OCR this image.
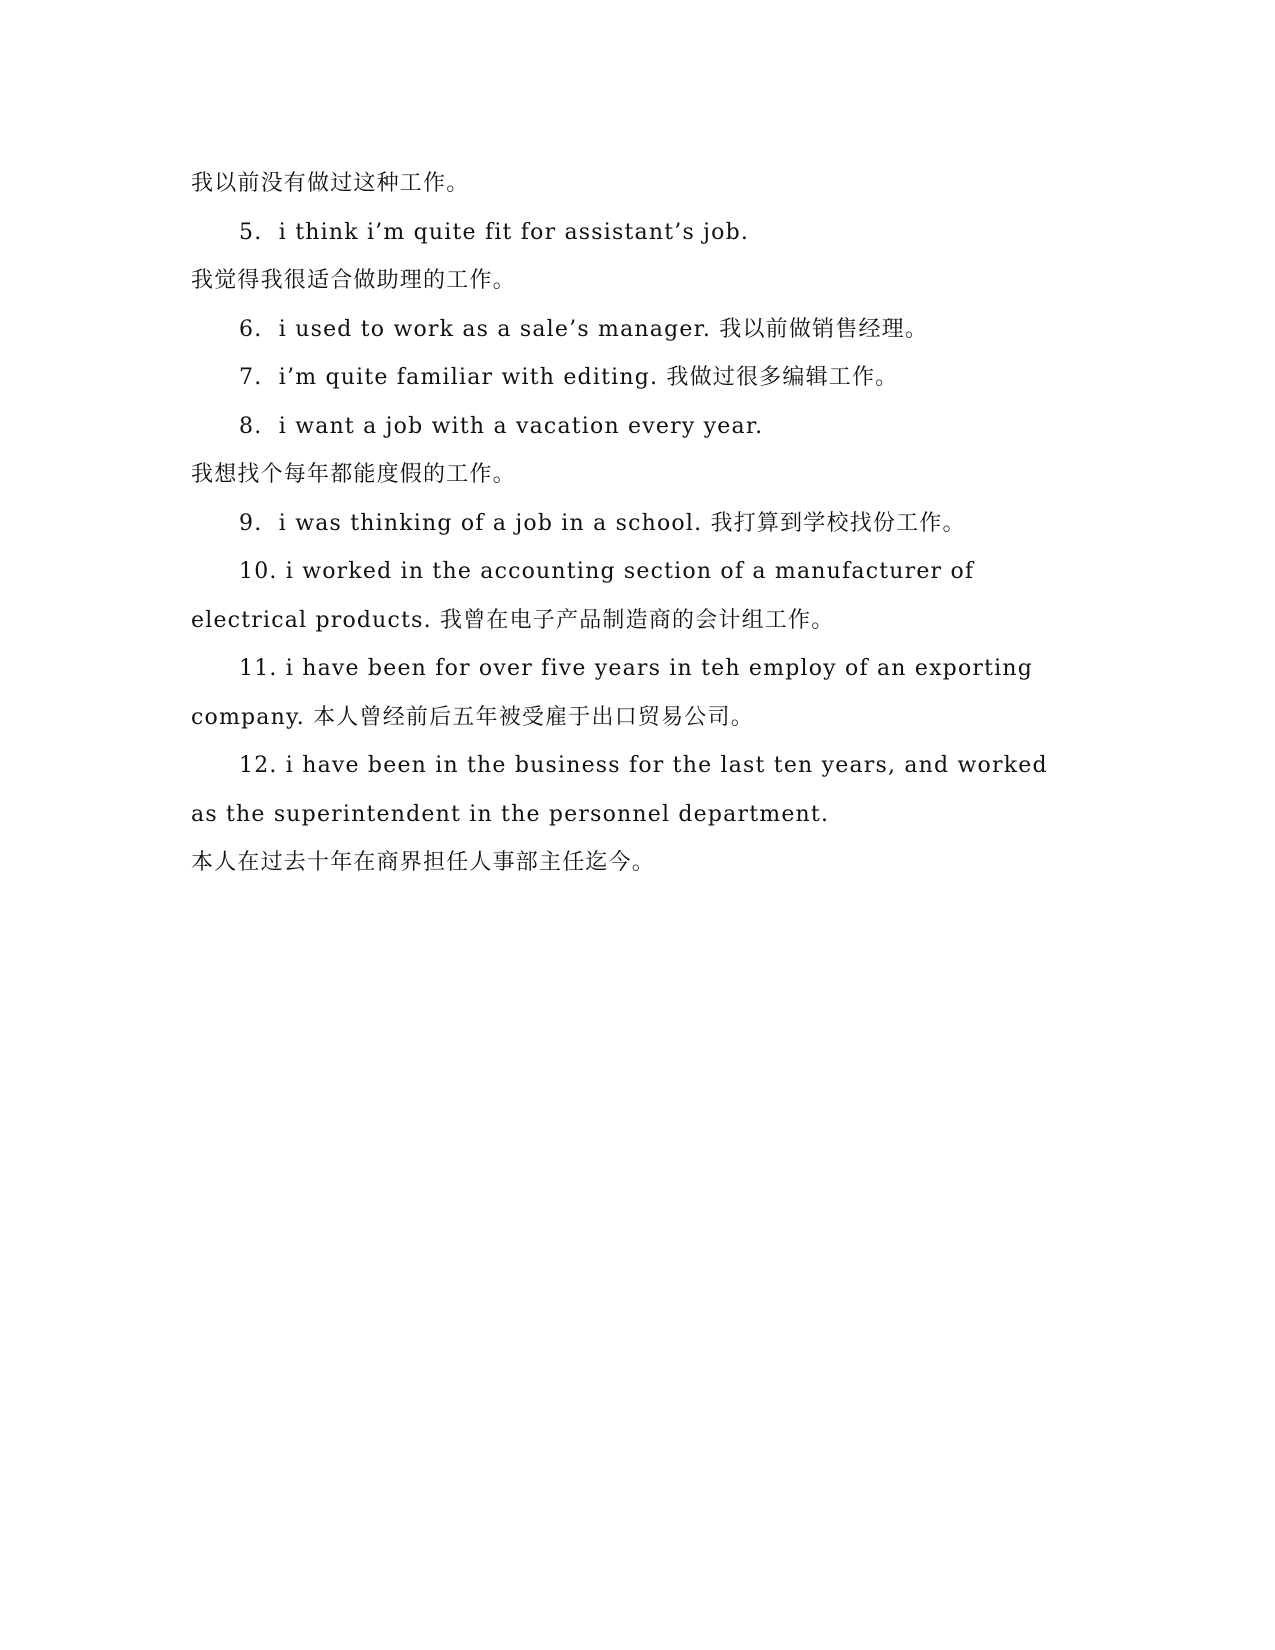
我以前没有做过这种工作。
5.  i think i’m quite fit for assistant’s job.
我觉得我很适合做助理的工作。
6.  i used to work as a sale’s manager. 我以前做销售经理。
7.  i’m quite familiar with editing. 我做过很多编辑工作。
8.  i want a job with a vacation every year.
我想找个每年都能度假的工作。
9.  i was thinking of a job in a school. 我打算到学校找份工作。
10. i worked in the accounting section of a manufacturer of
electrical products. 我曾在电子产品制造商的会计组工作。
11. i have been for over five years in teh employ of an exporting
company. 本人曾经前后五年被受雇于出口贸易公司。
12. i have been in the business for the last ten years, and worked
as the superintendent in the personnel department.
本人在过去十年在商界担任人事部主任迄今。
